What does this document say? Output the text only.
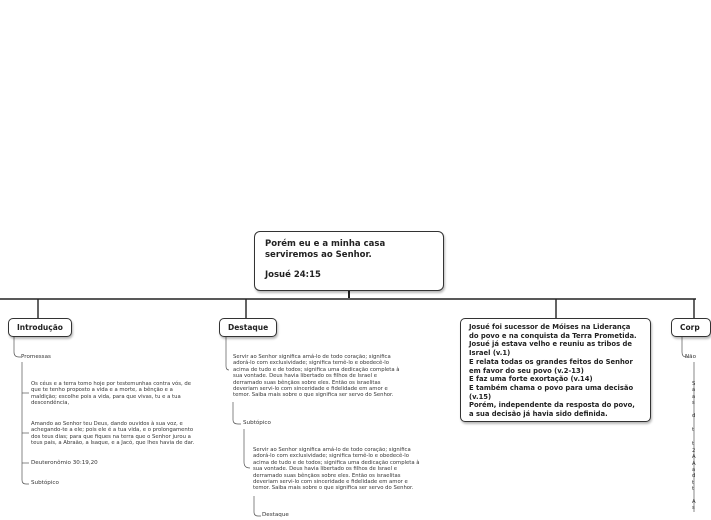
Porém eu e a minha casa
serviremos ao Senhor.
Josué 24:15
Introdução	Destaque	Corp
Josué foi sucessor de Móises na Liderança
do povo e na conquista da Terra Prometida.
Josué já estava velho e reuniu as tribos de
Israel (v.1)
E relata todas os grandes feitos do Senhor
em favor do seu povo (v.2-13)
E faz uma forte exortação (v.14)
E também chama o povo para uma decisão
(v.15)
Porém, independente da resposta do povo,
a sua decisão já havia sido definida.
Promessas
Os céus e a terra tomo hoje por testemunhas contra vós, de
que te tenho proposto a vida e a morte, a bênção e a
maldição; escolhe pois a vida, para que vivas, tu e a tua
descendência,
Amando ao Senhor teu Deus, dando ouvidos à sua voz, e
achegando-te a ele; pois ele é a tua vida, e o prolongamento
dos teus dias; para que fiques na terra que o Senhor jurou a
teus pais, a Abraão, a Isaque, e a Jacó, que lhes havia de dar.
Deuteronômio 30:19,20
Subtópico
Servir ao Senhor significa amá-lo de todo coração; significa
adorá-lo com exclusividade; significa temê-lo e obedecê-lo
acima de tudo e de todos; significa uma dedicação completa à
sua vontade. Deus havia libertado os filhos de Israel e
derramado suas bênçãos sobre eles. Então os israelitas
deveriam servi-lo com sinceridade e fidelidade em amor e
temor. Saiba mais sobre o que significa ser servo do Senhor.
Subtópico
Servir ao Senhor significa amá-lo de todo coração; significa
adorá-lo com exclusividade; significa temê-lo e obedecê-lo
acima de tudo e de todos; significa uma dedicação completa à
sua vontade. Deus havia libertado os filhos de Israel e
derramado suas bênçãos sobre eles. Então os israelitas
deveriam servi-lo com sinceridade e fidelidade em amor e
temor. Saiba mais sobre o que significa ser servo do Senhor.
Destaque
Não
S
a
a
s
d
t
t
2
A
A
a
d
t
t
A
s
